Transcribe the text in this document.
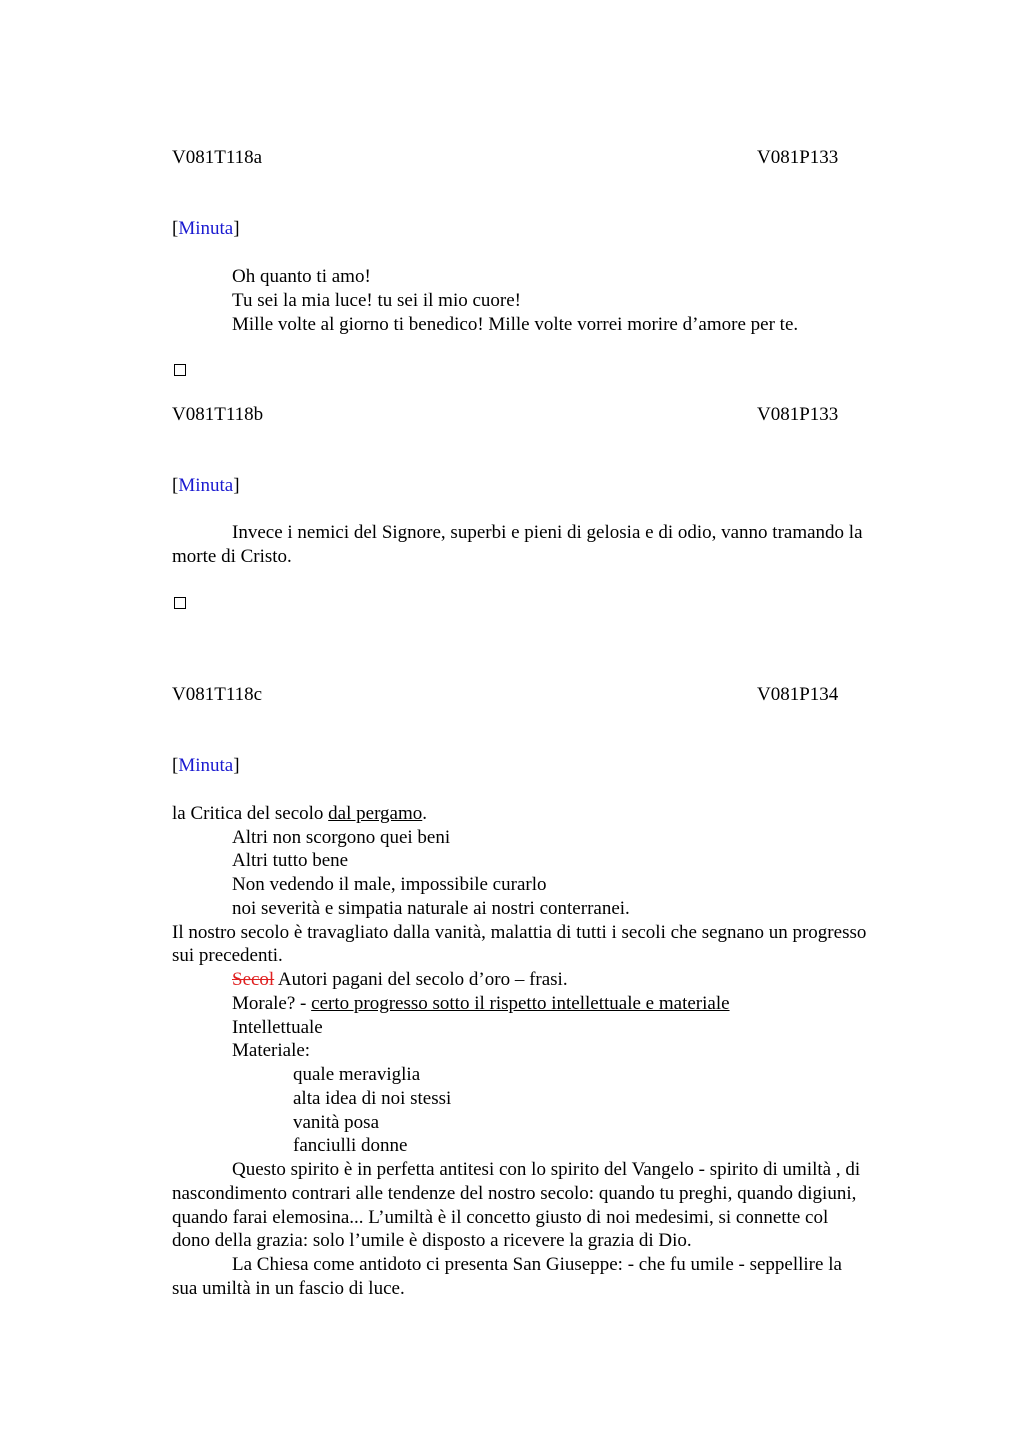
V081T118a	V081P133
[Minuta]
Oh quanto ti amo!
Tu sei la mia luce! tu sei il mio cuore!
Mille volte al giorno ti benedico! Mille volte vorrei morire d’amore per te.
V081T118b	V081P133
[Minuta]
Invece i nemici del Signore, superbi e pieni di gelosia e di odio, vanno tramando la
morte di Cristo.
V081T118c	V081P134
[Minuta]
la Critica del secolo dal pergamo.
Altri non scorgono quei beni
Altri tutto bene
Non vedendo il male, impossibile curarlo
noi severità e simpatia naturale ai nostri conterranei.
Il nostro secolo è travagliato dalla vanità, malattia di tutti i secoli che segnano un progresso
sui precedenti.
Secol Autori pagani del secolo d’oro – frasi.
Morale? - certo progresso sotto il rispetto intellettuale e materiale
Intellettuale
Materiale:
quale meraviglia
alta idea di noi stessi
vanità posa
fanciulli donne
Questo spirito è in perfetta antitesi con lo spirito del Vangelo - spirito di umiltà , di
nascondimento contrari alle tendenze del nostro secolo: quando tu preghi, quando digiuni,
quando farai elemosina... L’umiltà è il concetto giusto di noi medesimi, si connette col
dono della grazia: solo l’umile è disposto a ricevere la grazia di Dio.
La Chiesa come antidoto ci presenta San Giuseppe: - che fu umile - seppellire la
sua umiltà in un fascio di luce.
